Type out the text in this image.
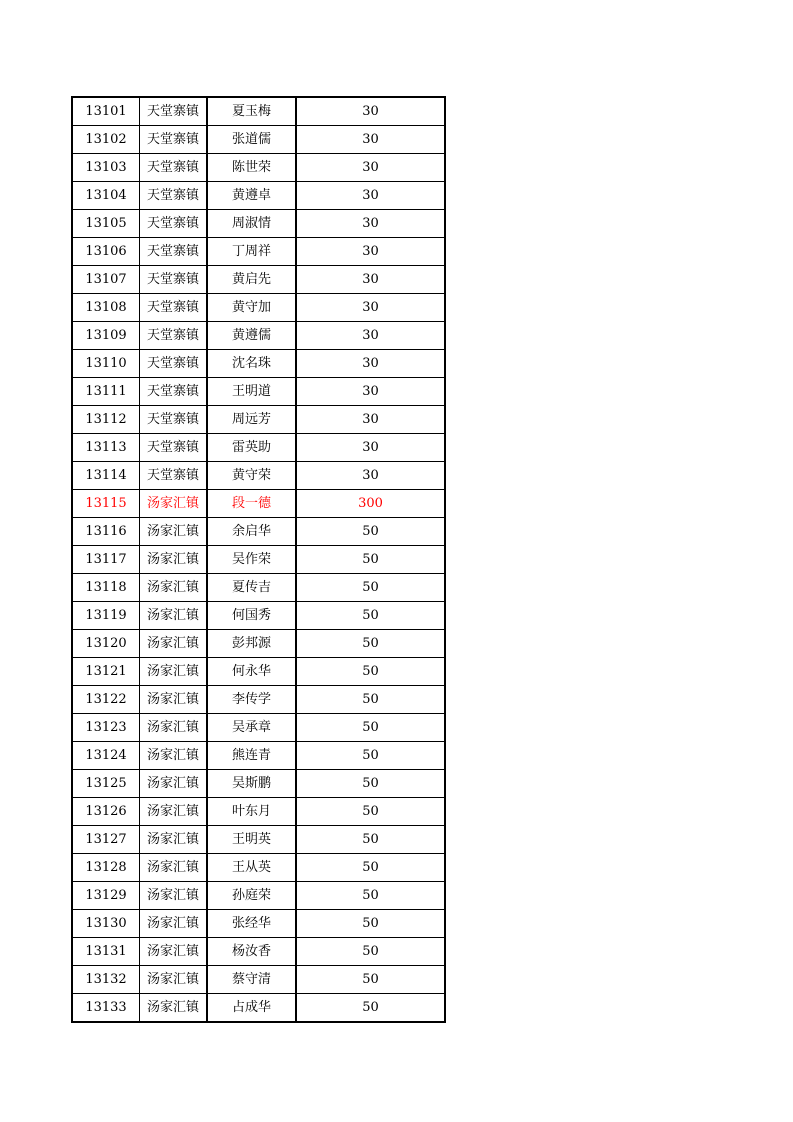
13101	天堂寨镇	夏玉梅	30
13102	天堂寨镇	张道儒	30
13103	天堂寨镇	陈世荣	30
13104	天堂寨镇	黄遵卓	30
13105	天堂寨镇	周淑情	30
13106	天堂寨镇	丁周祥	30
13107	天堂寨镇	黄启先	30
13108	天堂寨镇	黄守加	30
13109	天堂寨镇	黄遵儒	30
13110	天堂寨镇	沈名珠	30
13111	天堂寨镇	王明道	30
13112	天堂寨镇	周远芳	30
13113	天堂寨镇	雷英助	30
13114	天堂寨镇	黄守荣	30
13115	汤家汇镇	段一德	300
13116	汤家汇镇	余启华	50
13117	汤家汇镇	吴作荣	50
13118	汤家汇镇	夏传吉	50
13119	汤家汇镇	何国秀	50
13120	汤家汇镇	彭邦源	50
13121	汤家汇镇	何永华	50
13122	汤家汇镇	李传学	50
13123	汤家汇镇	吴承章	50
13124	汤家汇镇	熊连青	50
13125	汤家汇镇	吴斯鹏	50
13126	汤家汇镇	叶东月	50
13127	汤家汇镇	王明英	50
13128	汤家汇镇	王从英	50
13129	汤家汇镇	孙庭荣	50
13130	汤家汇镇	张经华	50
13131	汤家汇镇	杨汝香	50
13132	汤家汇镇	蔡守清	50
13133	汤家汇镇	占成华	50
